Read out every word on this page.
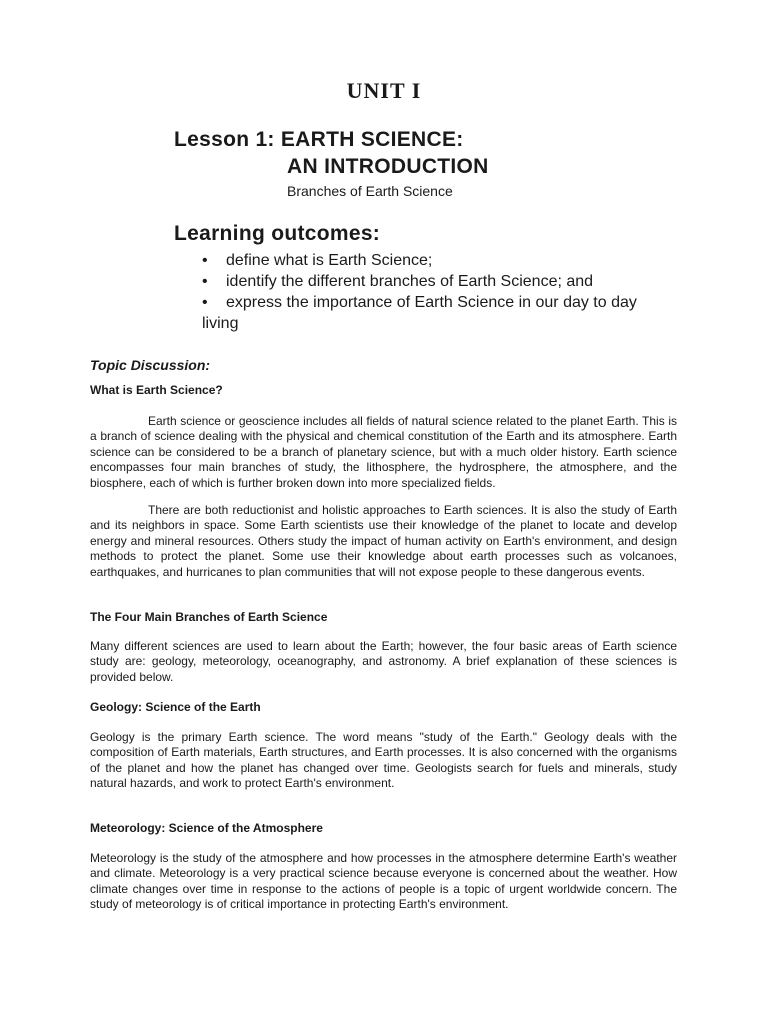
UNIT I
Lesson 1: EARTH SCIENCE:
AN INTRODUCTION
Branches of Earth Science
Learning outcomes:
• define what is Earth Science;
• identify the different branches of Earth Science; and
• express the importance of Earth Science in our day to day living
Topic Discussion:
What is Earth Science?

Earth science or geoscience includes all fields of natural science related to the planet Earth. This is a branch of science dealing with the physical and chemical constitution of the Earth and its atmosphere. Earth science can be considered to be a branch of planetary science, but with a much older history. Earth science encompasses four main branches of study, the lithosphere, the hydrosphere, the atmosphere, and the biosphere, each of which is further broken down into more specialized fields.

There are both reductionist and holistic approaches to Earth sciences. It is also the study of Earth and its neighbors in space. Some Earth scientists use their knowledge of the planet to locate and develop energy and mineral resources. Others study the impact of human activity on Earth's environment, and design methods to protect the planet. Some use their knowledge about earth processes such as volcanoes, earthquakes, and hurricanes to plan communities that will not expose people to these dangerous events.

The Four Main Branches of Earth Science

Many different sciences are used to learn about the Earth; however, the four basic areas of Earth science study are: geology, meteorology, oceanography, and astronomy. A brief explanation of these sciences is provided below.

Geology: Science of the Earth

Geology is the primary Earth science. The word means "study of the Earth." Geology deals with the composition of Earth materials, Earth structures, and Earth processes. It is also concerned with the organisms of the planet and how the planet has changed over time. Geologists search for fuels and minerals, study natural hazards, and work to protect Earth's environment.

Meteorology: Science of the Atmosphere

Meteorology is the study of the atmosphere and how processes in the atmosphere determine Earth's weather and climate. Meteorology is a very practical science because everyone is concerned about the weather. How climate changes over time in response to the actions of people is a topic of urgent worldwide concern. The study of meteorology is of critical importance in protecting Earth's environment.
